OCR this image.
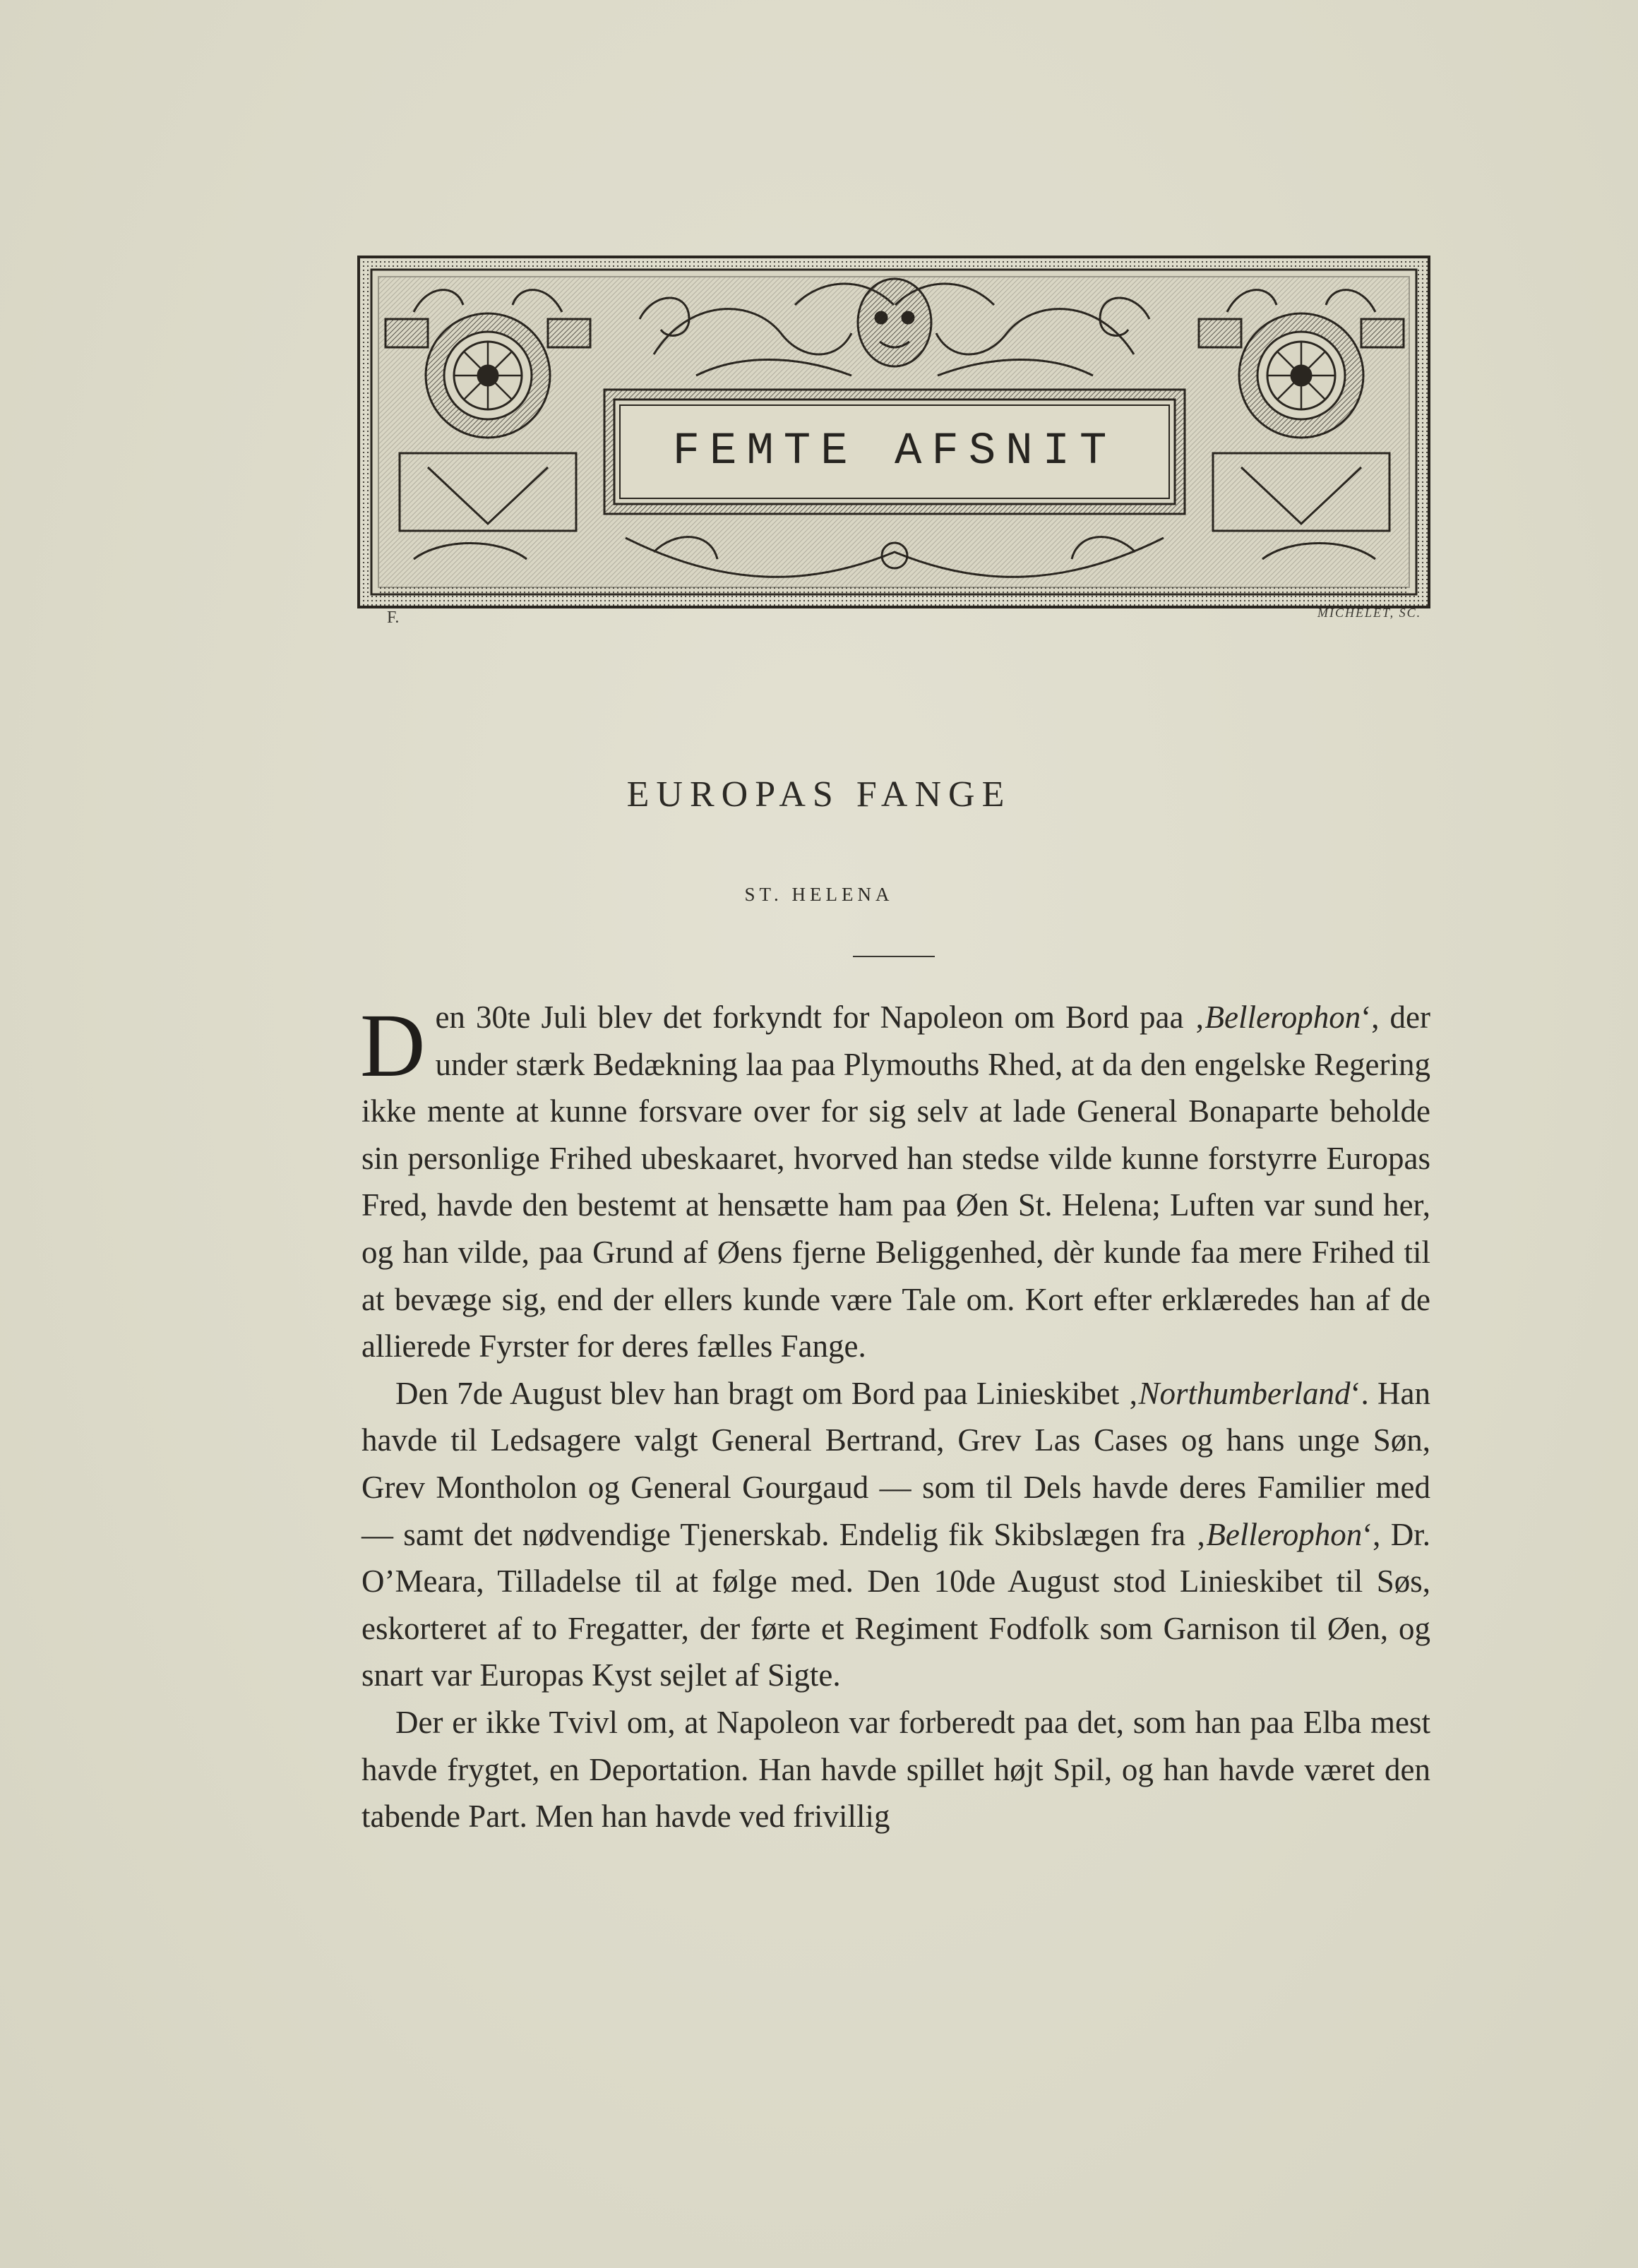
FEMTE AFSNIT
F.	MICHELET, SC.
EUROPAS FANGE
ST. HELENA

Den 30te Juli blev det forkyndt for Napoleon om Bord paa ‚Bellerophon‘, der under stærk Bedækning laa paa Plymouths Rhed, at da den engelske Regering ikke mente at kunne forsvare over for sig selv at lade General Bonaparte beholde sin personlige Frihed ubeskaaret, hvorved han stedse vilde kunne forstyrre Europas Fred, havde den bestemt at hensætte ham paa Øen St. Helena; Luften var sund her, og han vilde, paa Grund af Øens fjerne Beliggenhed, dèr kunde faa mere Frihed til at bevæge sig, end der ellers kunde være Tale om. Kort efter erklæredes han af de allierede Fyrster for deres fælles Fange.

Den 7de August blev han bragt om Bord paa Linieskibet ‚Northumberland‘. Han havde til Ledsagere valgt General Bertrand, Grev Las Cases og hans unge Søn, Grev Montholon og General Gourgaud — som til Dels havde deres Familier med — samt det nødvendige Tjenerskab. Endelig fik Skibslægen fra ‚Bellerophon‘, Dr. O’Meara, Tilladelse til at følge med. Den 10de August stod Linieskibet til Søs, eskorteret af to Fregatter, der førte et Regiment Fodfolk som Garnison til Øen, og snart var Europas Kyst sejlet af Sigte.

Der er ikke Tvivl om, at Napoleon var forberedt paa det, som han paa Elba mest havde frygtet, en Deportation. Han havde spillet højt Spil, og han havde været den tabende Part. Men han havde ved frivillig
